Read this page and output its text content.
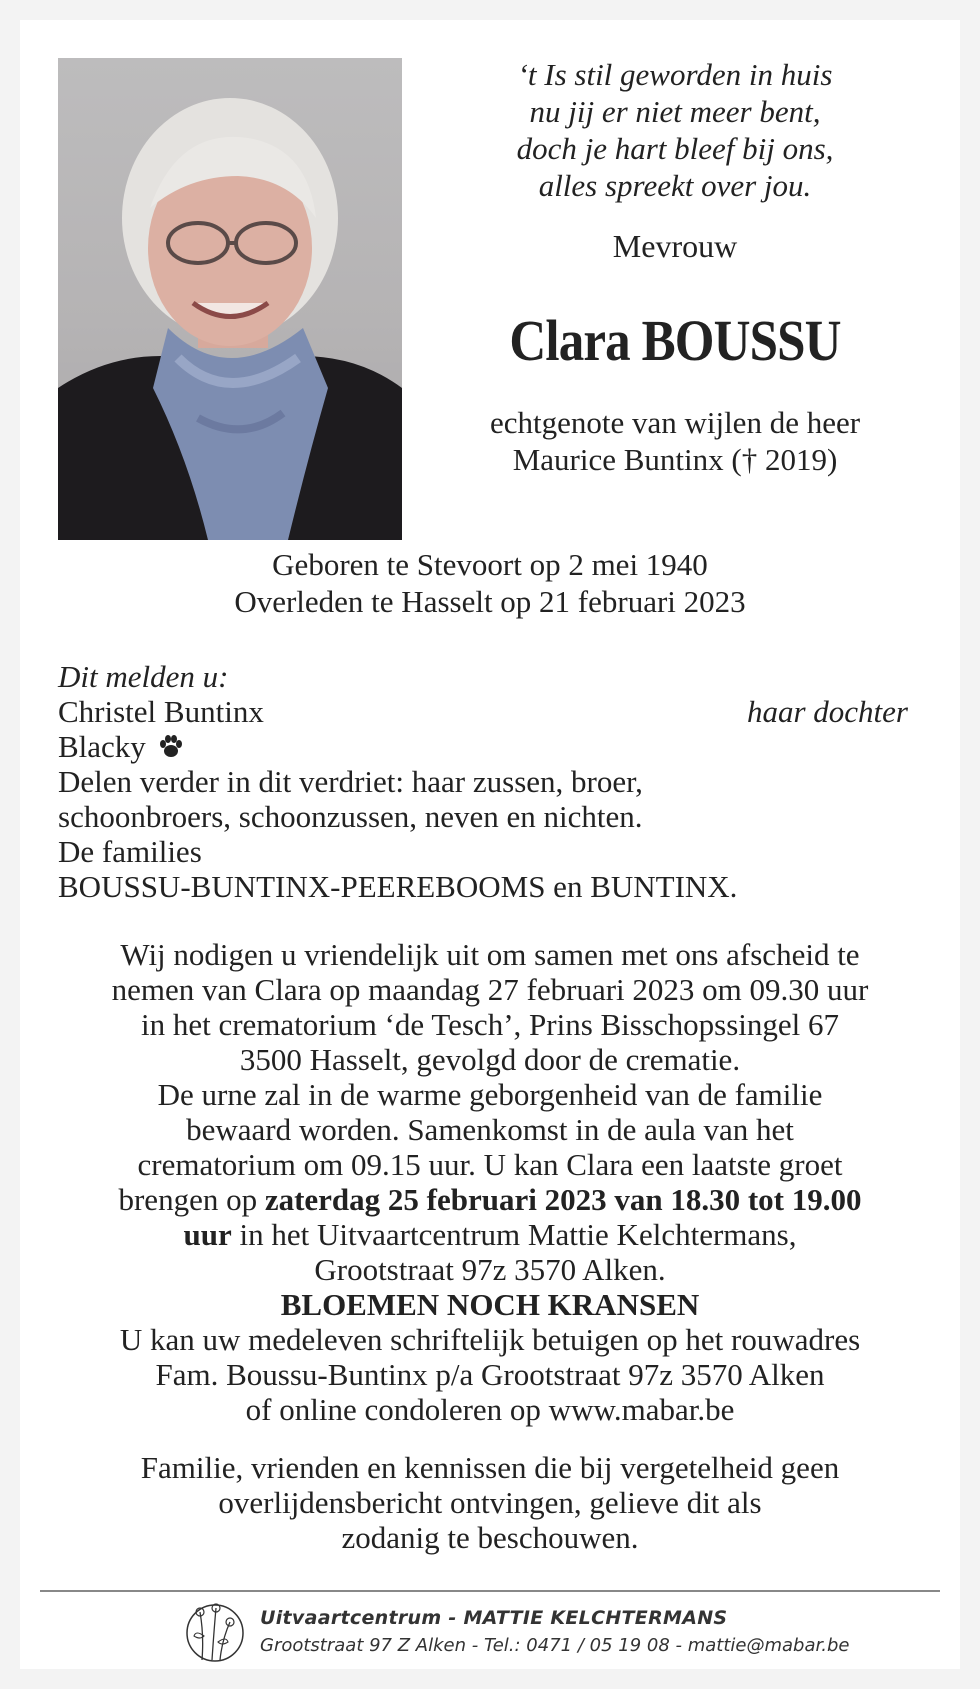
‘t Is stil geworden in huis
nu jij er niet meer bent,
doch je hart bleef bij ons,
alles spreekt over jou.
Mevrouw
Clara BOUSSU
echtgenote van wijlen de heer
Maurice Buntinx († 2019)
Geboren te Stevoort op 2 mei 1940
Overleden te Hasselt op 21 februari 2023
Dit melden u:
Christel Buntinx	haar dochter
Blacky
Delen verder in dit verdriet: haar zussen, broer,
schoonbroers, schoonzussen, neven en nichten.
De families
BOUSSU-BUNTINX-PEEREBOOMS en BUNTINX.
Wij nodigen u vriendelijk uit om samen met ons afscheid te
nemen van Clara op maandag 27 februari 2023 om 09.30 uur
in het crematorium ‘de Tesch’, Prins Bisschopssingel 67
3500 Hasselt, gevolgd door de crematie.
De urne zal in de warme geborgenheid van de familie
bewaard worden. Samenkomst in de aula van het
crematorium om 09.15 uur. U kan Clara een laatste groet
brengen op zaterdag 25 februari 2023 van 18.30 tot 19.00
uur in het Uitvaartcentrum Mattie Kelchtermans,
Grootstraat 97z 3570 Alken.
BLOEMEN NOCH KRANSEN
U kan uw medeleven schriftelijk betuigen op het rouwadres
Fam. Boussu-Buntinx p/a Grootstraat 97z 3570 Alken
of online condoleren op www.mabar.be
Familie, vrienden en kennissen die bij vergetelheid geen
overlijdensbericht ontvingen, gelieve dit als
zodanig te beschouwen.
Uitvaartcentrum - MATTIE KELCHTERMANS
Grootstraat 97 Z Alken - Tel.: 0471 / 05 19 08 - mattie@mabar.be
